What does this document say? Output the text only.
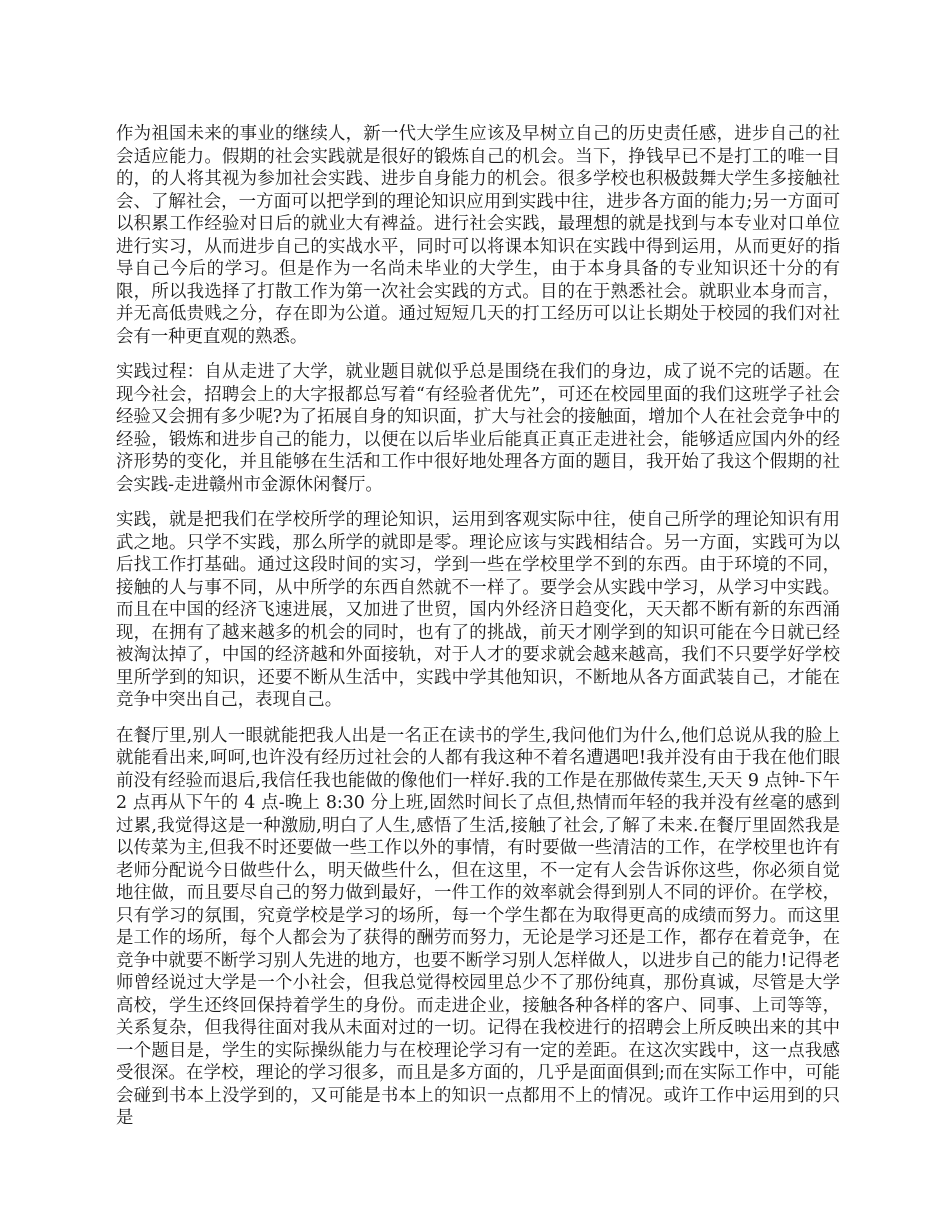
作为祖国未来的事业的继续人，新一代大学生应该及早树立自己的历史责任感，进步自己的社会适应能力。假期的社会实践就是很好的锻炼自己的机会。当下，挣钱早已不是打工的唯一目的，的人将其视为参加社会实践、进步自身能力的机会。很多学校也积极鼓舞大学生多接触社会、了解社会，一方面可以把学到的理论知识应用到实践中往，进步各方面的能力;另一方面可以积累工作经验对日后的就业大有裨益。进行社会实践，最理想的就是找到与本专业对口单位进行实习，从而进步自己的实战水平，同时可以将课本知识在实践中得到运用，从而更好的指导自己今后的学习。但是作为一名尚未毕业的大学生，由于本身具备的专业知识还十分的有限，所以我选择了打散工作为第一次社会实践的方式。目的在于熟悉社会。就职业本身而言，并无高低贵贱之分，存在即为公道。通过短短几天的打工经历可以让长期处于校园的我们对社会有一种更直观的熟悉。

实践过程：自从走进了大学，就业题目就似乎总是围绕在我们的身边，成了说不完的话题。在现今社会，招聘会上的大字报都总写着“有经验者优先”，可还在校园里面的我们这班学子社会经验又会拥有多少呢?为了拓展自身的知识面，扩大与社会的接触面，增加个人在社会竞争中的经验，锻炼和进步自己的能力，以便在以后毕业后能真正真正走进社会，能够适应国内外的经济形势的变化，并且能够在生活和工作中很好地处理各方面的题目，我开始了我这个假期的社会实践-走进赣州市金源休闲餐厅。

实践，就是把我们在学校所学的理论知识，运用到客观实际中往，使自己所学的理论知识有用武之地。只学不实践，那么所学的就即是零。理论应该与实践相结合。另一方面，实践可为以后找工作打基础。通过这段时间的实习，学到一些在学校里学不到的东西。由于环境的不同，接触的人与事不同，从中所学的东西自然就不一样了。要学会从实践中学习，从学习中实践。而且在中国的经济飞速进展，又加进了世贸，国内外经济日趋变化，天天都不断有新的东西涌现，在拥有了越来越多的机会的同时，也有了的挑战，前天才刚学到的知识可能在今日就已经被淘汰掉了，中国的经济越和外面接轨，对于人才的要求就会越来越高，我们不只要学好学校里所学到的知识，还要不断从生活中，实践中学其他知识，不断地从各方面武装自己，才能在竞争中突出自己，表现自己。

在餐厅里,别人一眼就能把我人出是一名正在读书的学生,我问他们为什么,他们总说从我的脸上就能看出来,呵呵,也许没有经历过社会的人都有我这种不着名遭遇吧!我并没有由于我在他们眼前没有经验而退后,我信任我也能做的像他们一样好.我的工作是在那做传菜生,天天 9 点钟-下午 2 点再从下午的 4 点-晚上 8:30 分上班,固然时间长了点但,热情而年轻的我并没有丝毫的感到过累,我觉得这是一种激励,明白了人生,感悟了生活,接触了社会,了解了未来.在餐厅里固然我是以传菜为主,但我不时还要做一些工作以外的事情，有时要做一些清洁的工作，在学校里也许有老师分配说今日做些什么，明天做些什么，但在这里，不一定有人会告诉你这些，你必须自觉地往做，而且要尽自己的努力做到最好，一件工作的效率就会得到别人不同的评价。在学校，只有学习的氛围，究竟学校是学习的场所，每一个学生都在为取得更高的成绩而努力。而这里是工作的场所，每个人都会为了获得的酬劳而努力，无论是学习还是工作，都存在着竞争，在竞争中就要不断学习别人先进的地方，也要不断学习别人怎样做人，以进步自己的能力!记得老师曾经说过大学是一个小社会，但我总觉得校园里总少不了那份纯真，那份真诚，尽管是大学高校，学生还终回保持着学生的身份。而走进企业，接触各种各样的客户、同事、上司等等，关系复杂，但我得往面对我从未面对过的一切。记得在我校进行的招聘会上所反映出来的其中一个题目是，学生的实际操纵能力与在校理论学习有一定的差距。在这次实践中，这一点我感受很深。在学校，理论的学习很多，而且是多方面的，几乎是面面俱到;而在实际工作中，可能会碰到书本上没学到的，又可能是书本上的知识一点都用不上的情况。或许工作中运用到的只是
